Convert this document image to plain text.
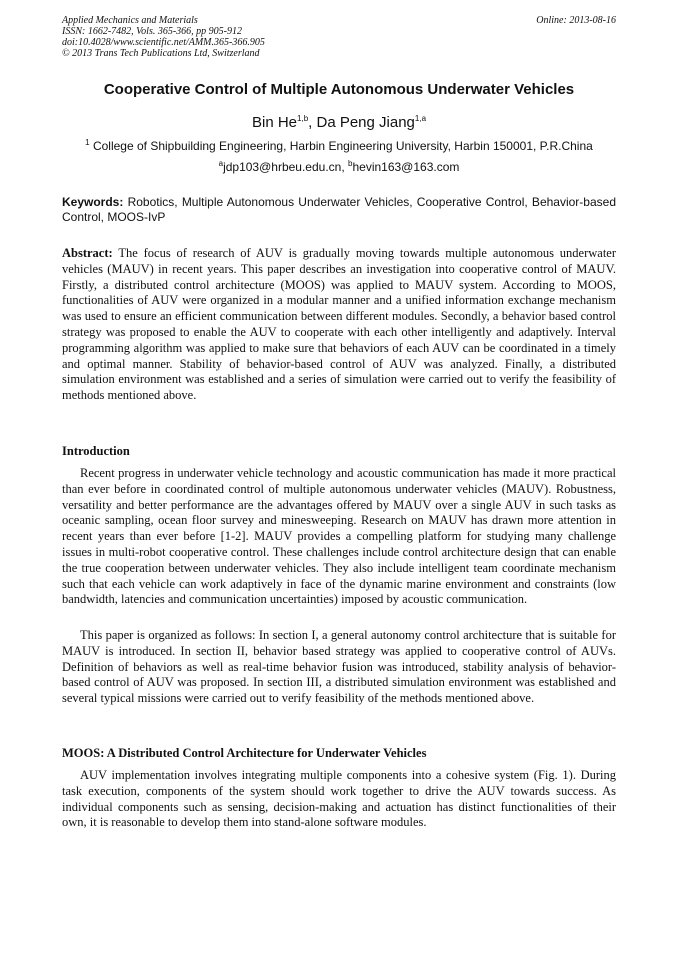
Applied Mechanics and Materials
ISSN: 1662-7482, Vols. 365-366, pp 905-912
doi:10.4028/www.scientific.net/AMM.365-366.905
© 2013 Trans Tech Publications Ltd, Switzerland
Online: 2013-08-16
Cooperative Control of Multiple Autonomous Underwater Vehicles
Bin He$^{1,b}$, Da Peng Jiang$^{1,a}$
$^1$ College of Shipbuilding Engineering, Harbin Engineering University, Harbin 150001, P.R.China
$^a$jdp103@hrbeu.edu.cn, $^b$hevin163@163.com
Keywords: Robotics, Multiple Autonomous Underwater Vehicles, Cooperative Control, Behavior-based Control, MOOS-IvP
Abstract: The focus of research of AUV is gradually moving towards multiple autonomous underwater vehicles (MAUV) in recent years. This paper describes an investigation into cooperative control of MAUV. Firstly, a distributed control architecture (MOOS) was applied to MAUV system. According to MOOS, functionalities of AUV were organized in a modular manner and a unified information exchange mechanism was used to ensure an efficient communication between different modules. Secondly, a behavior based control strategy was proposed to enable the AUV to cooperate with each other intelligently and adaptively. Interval programming algorithm was applied to make sure that behaviors of each AUV can be coordinated in a timely and optimal manner. Stability of behavior-based control of AUV was analyzed. Finally, a distributed simulation environment was established and a series of simulation were carried out to verify the feasibility of methods mentioned above.
Introduction

Recent progress in underwater vehicle technology and acoustic communication has made it more practical than ever before in coordinated control of multiple autonomous underwater vehicles (MAUV). Robustness, versatility and better performance are the advantages offered by MAUV over a single AUV in such tasks as oceanic sampling, ocean floor survey and minesweeping. Research on MAUV has drawn more attention in recent years than ever before [1-2]. MAUV provides a compelling platform for studying many challenge issues in multi-robot cooperative control. These challenges include control architecture design that can enable the true cooperation between underwater vehicles. They also include intelligent team coordinate mechanism such that each vehicle can work adaptively in face of the dynamic marine environment and constraints (low bandwidth, latencies and communication uncertainties) imposed by acoustic communication.

This paper is organized as follows: In section I, a general autonomy control architecture that is suitable for MAUV is introduced. In section II, behavior based strategy was applied to cooperative control of AUVs. Definition of behaviors as well as real-time behavior fusion was introduced, stability analysis of behavior-based control of AUV was proposed. In section III, a distributed simulation environment was established and several typical missions were carried out to verify feasibility of the methods mentioned above.

MOOS: A Distributed Control Architecture for Underwater Vehicles

AUV implementation involves integrating multiple components into a cohesive system (Fig. 1). During task execution, components of the system should work together to drive the AUV towards success. As individual components such as sensing, decision-making and actuation has distinct functionalities of their own, it is reasonable to develop them into stand-alone software modules.
